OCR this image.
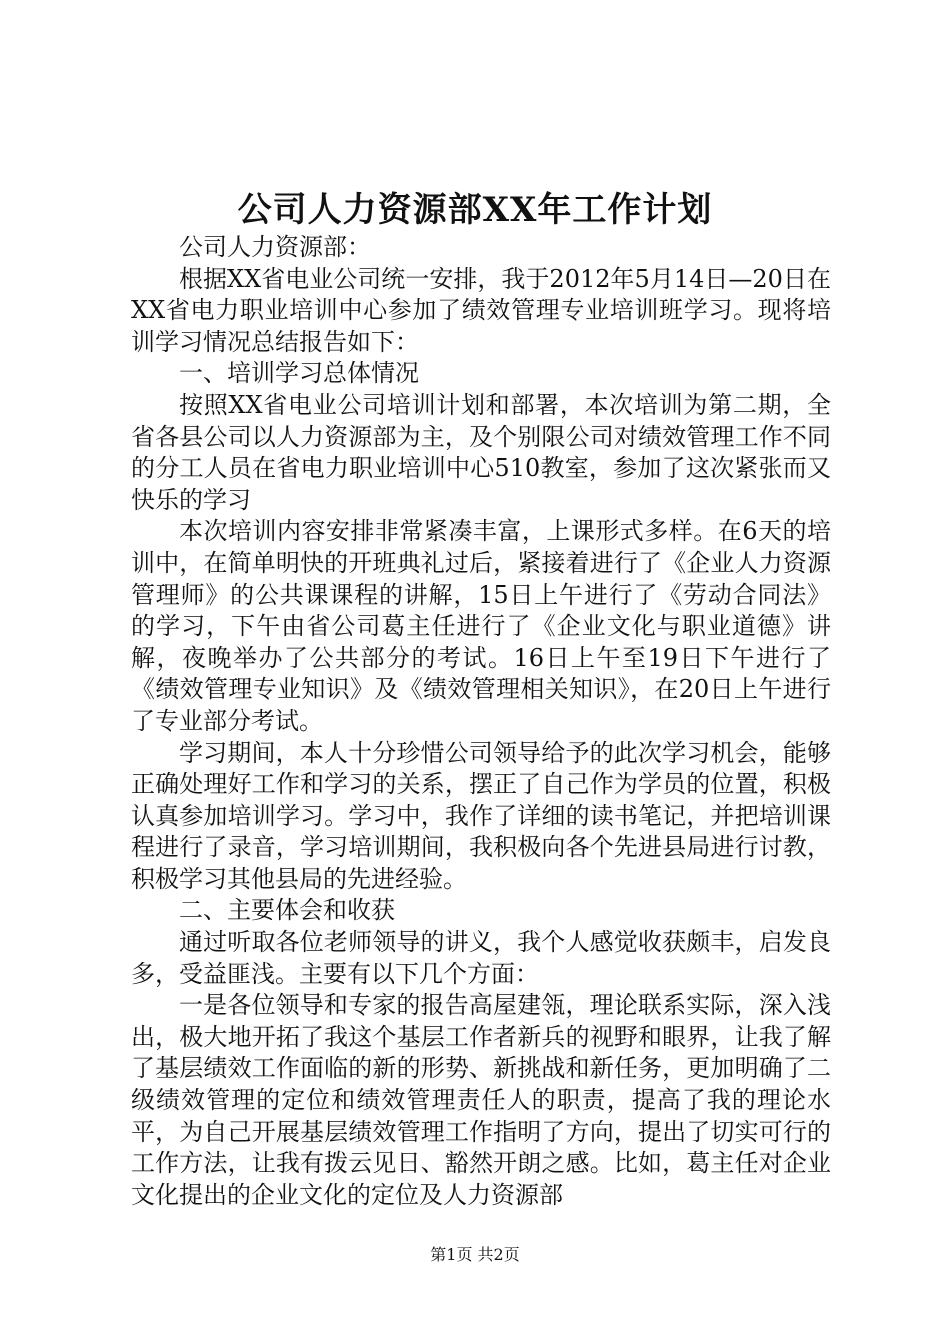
公司人力资源部XX年工作计划

公司人力资源部：

根据XX省电业公司统一安排，我于2012年5月14日—20日在XX省电力职业培训中心参加了绩效管理专业培训班学习。现将培训学习情况总结报告如下：

一、培训学习总体情况

按照XX省电业公司培训计划和部署，本次培训为第二期，全省各县公司以人力资源部为主，及个别限公司对绩效管理工作不同的分工人员在省电力职业培训中心510教室，参加了这次紧张而又快乐的学习

本次培训内容安排非常紧凑丰富，上课形式多样。在6天的培训中，在简单明快的开班典礼过后，紧接着进行了《企业人力资源管理师》的公共课课程的讲解，15日上午进行了《劳动合同法》的学习，下午由省公司葛主任进行了《企业文化与职业道德》讲解，夜晚举办了公共部分的考试。16日上午至19日下午进行了《绩效管理专业知识》及《绩效管理相关知识》，在20日上午进行了专业部分考试。

学习期间，本人十分珍惜公司领导给予的此次学习机会，能够正确处理好工作和学习的关系，摆正了自己作为学员的位置，积极认真参加培训学习。学习中，我作了详细的读书笔记，并把培训课程进行了录音，学习培训期间，我积极向各个先进县局进行讨教，积极学习其他县局的先进经验。

二、主要体会和收获

通过听取各位老师领导的讲义，我个人感觉收获颇丰，启发良多，受益匪浅。主要有以下几个方面：

一是各位领导和专家的报告高屋建瓴，理论联系实际，深入浅出，极大地开拓了我这个基层工作者新兵的视野和眼界，让我了解了基层绩效工作面临的新的形势、新挑战和新任务，更加明确了二级绩效管理的定位和绩效管理责任人的职责，提高了我的理论水平，为自己开展基层绩效管理工作指明了方向，提出了切实可行的工作方法，让我有拨云见日、豁然开朗之感。比如，葛主任对企业文化提出的企业文化的定位及人力资源部

第1页 共2页
